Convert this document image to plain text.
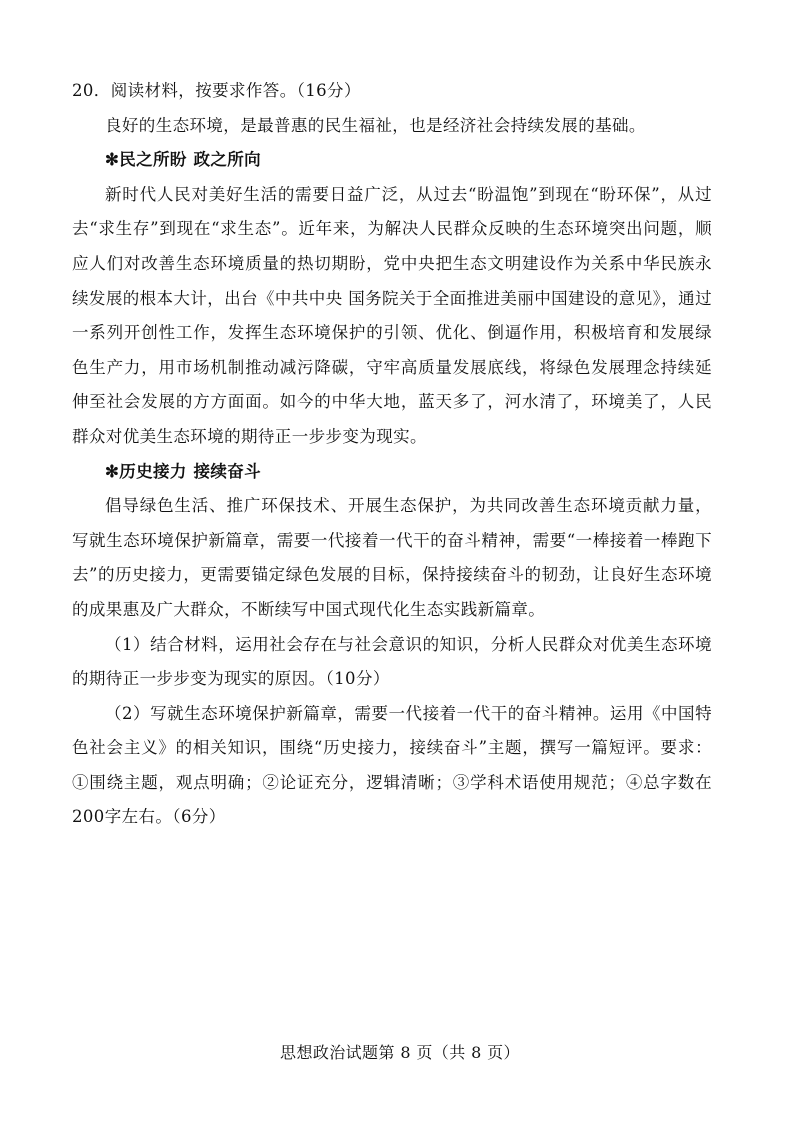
20．阅读材料，按要求作答。（16分）

良好的生态环境，是最普惠的民生福祉，也是经济社会持续发展的基础。

✻民之所盼 政之所向

新时代人民对美好生活的需要日益广泛，从过去“盼温饱”到现在“盼环保”，从过去“求生存”到现在“求生态”。近年来，为解决人民群众反映的生态环境突出问题，顺应人们对改善生态环境质量的热切期盼，党中央把生态文明建设作为关系中华民族永续发展的根本大计，出台《中共中央 国务院关于全面推进美丽中国建设的意见》，通过一系列开创性工作，发挥生态环境保护的引领、优化、倒逼作用，积极培育和发展绿色生产力，用市场机制推动减污降碳，守牢高质量发展底线，将绿色发展理念持续延伸至社会发展的方方面面。如今的中华大地，蓝天多了，河水清了，环境美了，人民群众对优美生态环境的期待正一步步变为现实。

✻历史接力 接续奋斗

倡导绿色生活、推广环保技术、开展生态保护，为共同改善生态环境贡献力量，写就生态环境保护新篇章，需要一代接着一代干的奋斗精神，需要“一棒接着一棒跑下去”的历史接力，更需要锚定绿色发展的目标，保持接续奋斗的韧劲，让良好生态环境的成果惠及广大群众，不断续写中国式现代化生态实践新篇章。

（1）结合材料，运用社会存在与社会意识的知识，分析人民群众对优美生态环境的期待正一步步变为现实的原因。（10分）

（2）写就生态环境保护新篇章，需要一代接着一代干的奋斗精神。运用《中国特色社会主义》的相关知识，围绕“历史接力，接续奋斗”主题，撰写一篇短评。要求：①围绕主题，观点明确；②论证充分，逻辑清晰；③学科术语使用规范；④总字数在200字左右。（6分）

思想政治试题第 8 页（共 8 页）
